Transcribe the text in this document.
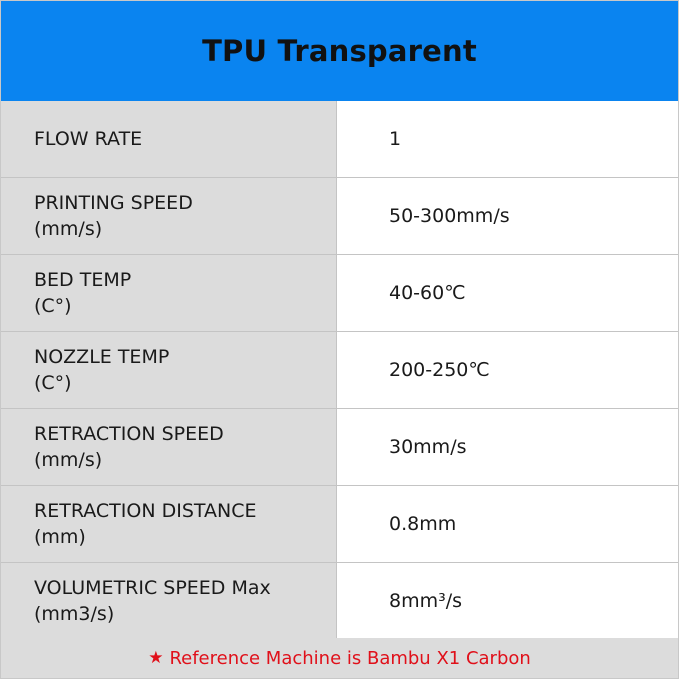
TPU Transparent
FLOW RATE	1
PRINTING SPEED
(mm/s)
50-300mm/s
BED TEMP
(C°)
40-60℃
NOZZLE TEMP
(C°)
200-250℃
RETRACTION SPEED
(mm/s)
30mm/s
RETRACTION DISTANCE
(mm)
0.8mm
VOLUMETRIC SPEED Max
(mm3/s)
8mm³/s
★ Reference Machine is Bambu X1 Carbon
